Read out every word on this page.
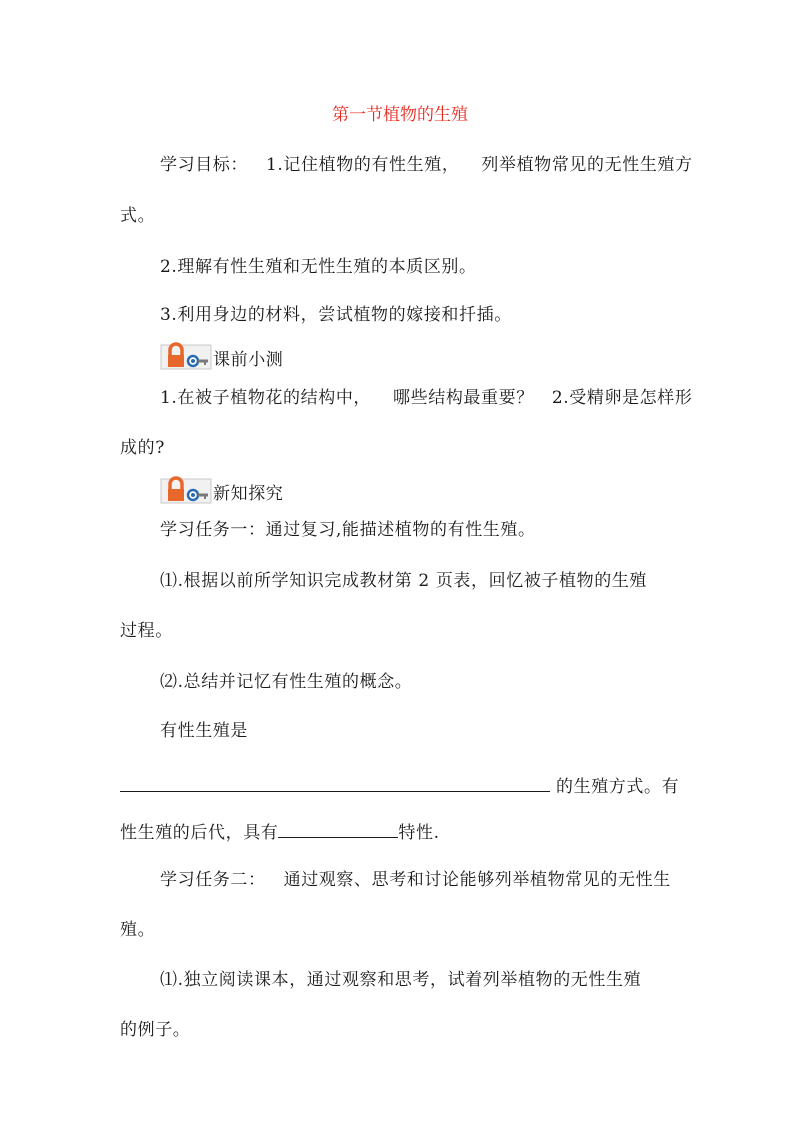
第一节植物的生殖
学习目标： 1.记住植物的有性生殖， 列举植物常见的无性生殖方
式。
2.理解有性生殖和无性生殖的本质区别。
3.利用身边的材料，尝试植物的嫁接和扦插。
课前小测
1.在被子植物花的结构中， 哪些结构最重要？ 2.受精卵是怎样形
成的?
新知探究
学习任务一：通过复习,能描述植物的有性生殖。
⑴.根据以前所学知识完成教材第 2 页表，回忆被子植物的生殖
过程。
⑵.总结并记忆有性生殖的概念。
有性生殖是
的生殖方式。有
性生殖的后代，具有	特性.
学习任务二： 通过观察、思考和讨论能够列举植物常见的无性生
殖。
⑴.独立阅读课本，通过观察和思考，试着列举植物的无性生殖
的例子。
